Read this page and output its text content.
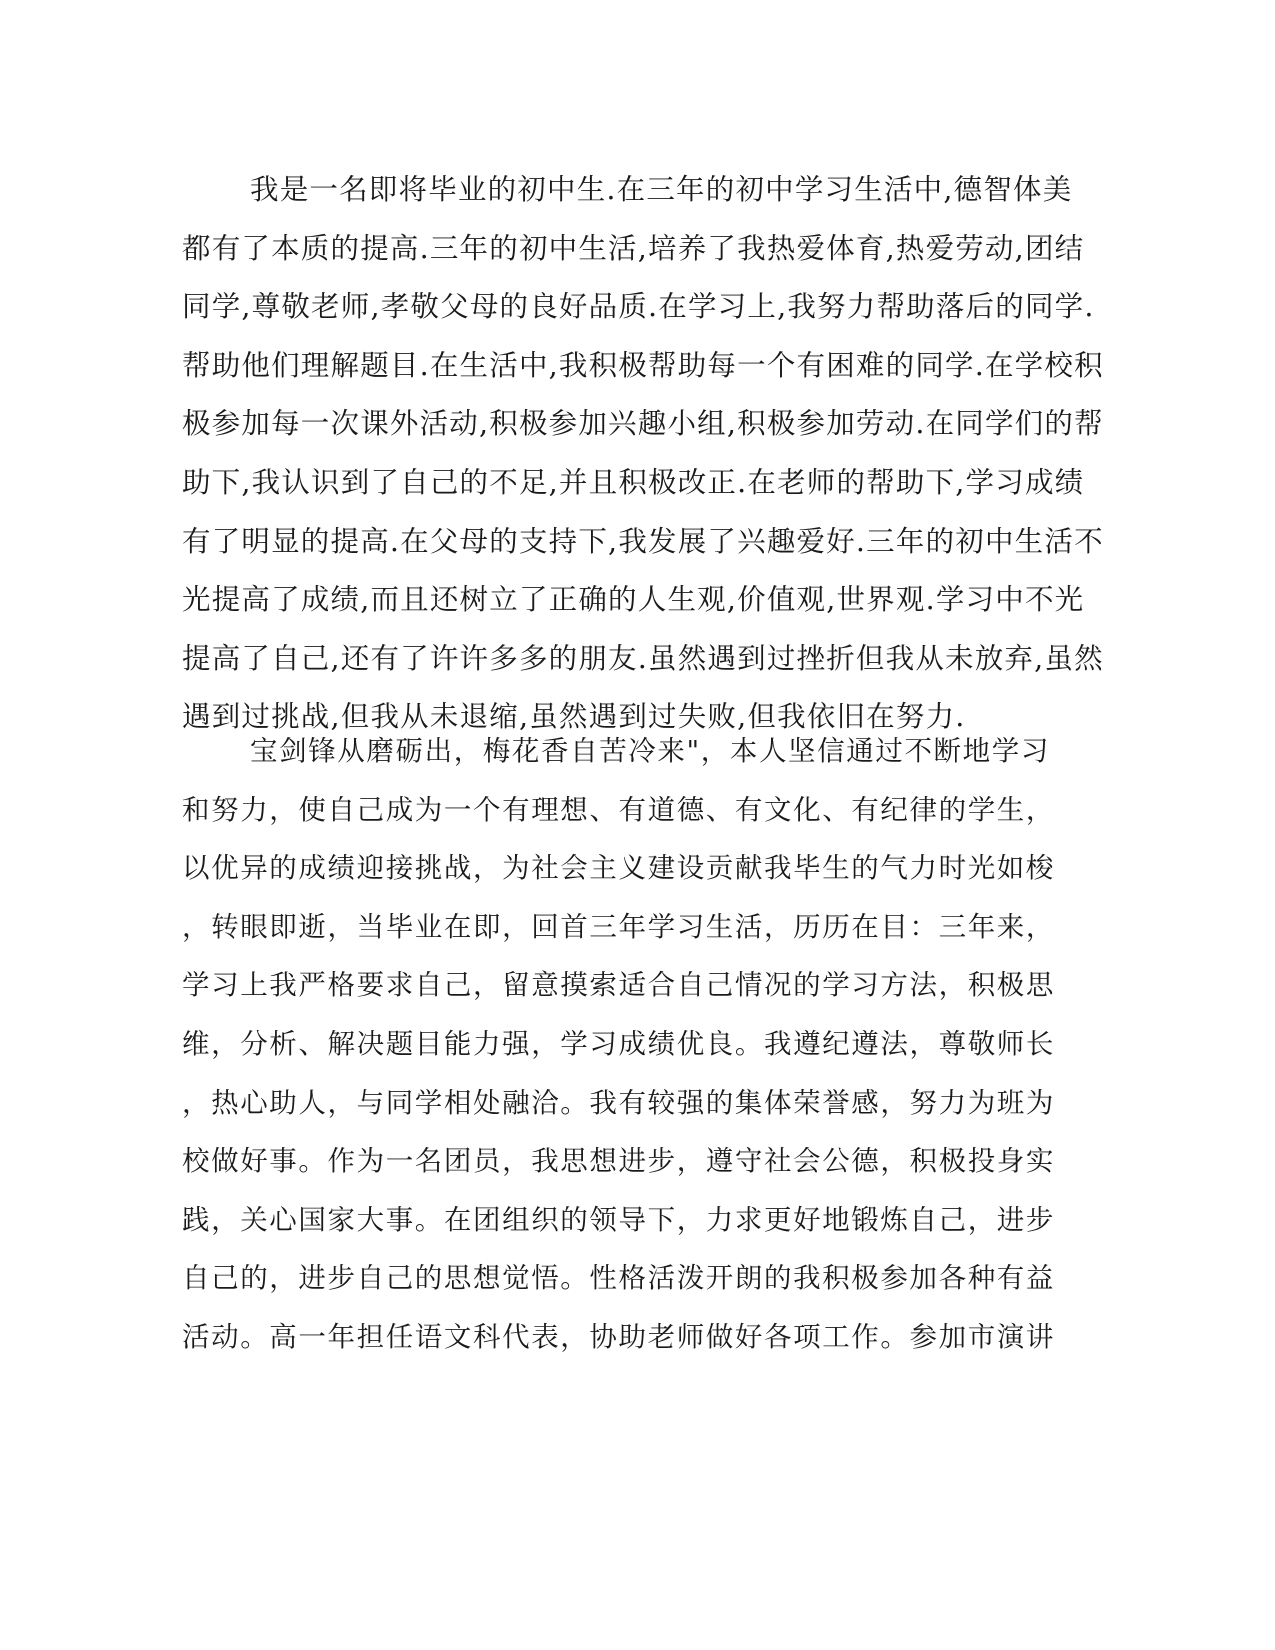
我是一名即将毕业的初中生.在三年的初中学习生活中,德智体美
都有了本质的提高.三年的初中生活,培养了我热爱体育,热爱劳动,团结
同学,尊敬老师,孝敬父母的良好品质.在学习上,我努力帮助落后的同学.
帮助他们理解题目.在生活中,我积极帮助每一个有困难的同学.在学校积
极参加每一次课外活动,积极参加兴趣小组,积极参加劳动.在同学们的帮
助下,我认识到了自己的不足,并且积极改正.在老师的帮助下,学习成绩
有了明显的提高.在父母的支持下,我发展了兴趣爱好.三年的初中生活不
光提高了成绩,而且还树立了正确的人生观,价值观,世界观.学习中不光
提高了自己,还有了许许多多的朋友.虽然遇到过挫折但我从未放弃,虽然
遇到过挑战,但我从未退缩,虽然遇到过失败,但我依旧在努力.
宝剑锋从磨砺出，梅花香自苦冷来"，本人坚信通过不断地学习
和努力，使自己成为一个有理想、有道德、有文化、有纪律的学生，
以优异的成绩迎接挑战，为社会主义建设贡献我毕生的气力时光如梭
，转眼即逝，当毕业在即，回首三年学习生活，历历在目：三年来，
学习上我严格要求自己，留意摸索适合自己情况的学习方法，积极思
维，分析、解决题目能力强，学习成绩优良。我遵纪遵法，尊敬师长
，热心助人，与同学相处融洽。我有较强的集体荣誉感，努力为班为
校做好事。作为一名团员，我思想进步，遵守社会公德，积极投身实
践，关心国家大事。在团组织的领导下，力求更好地锻炼自己，进步
自己的，进步自己的思想觉悟。性格活泼开朗的我积极参加各种有益
活动。高一年担任语文科代表，协助老师做好各项工作。参加市演讲
